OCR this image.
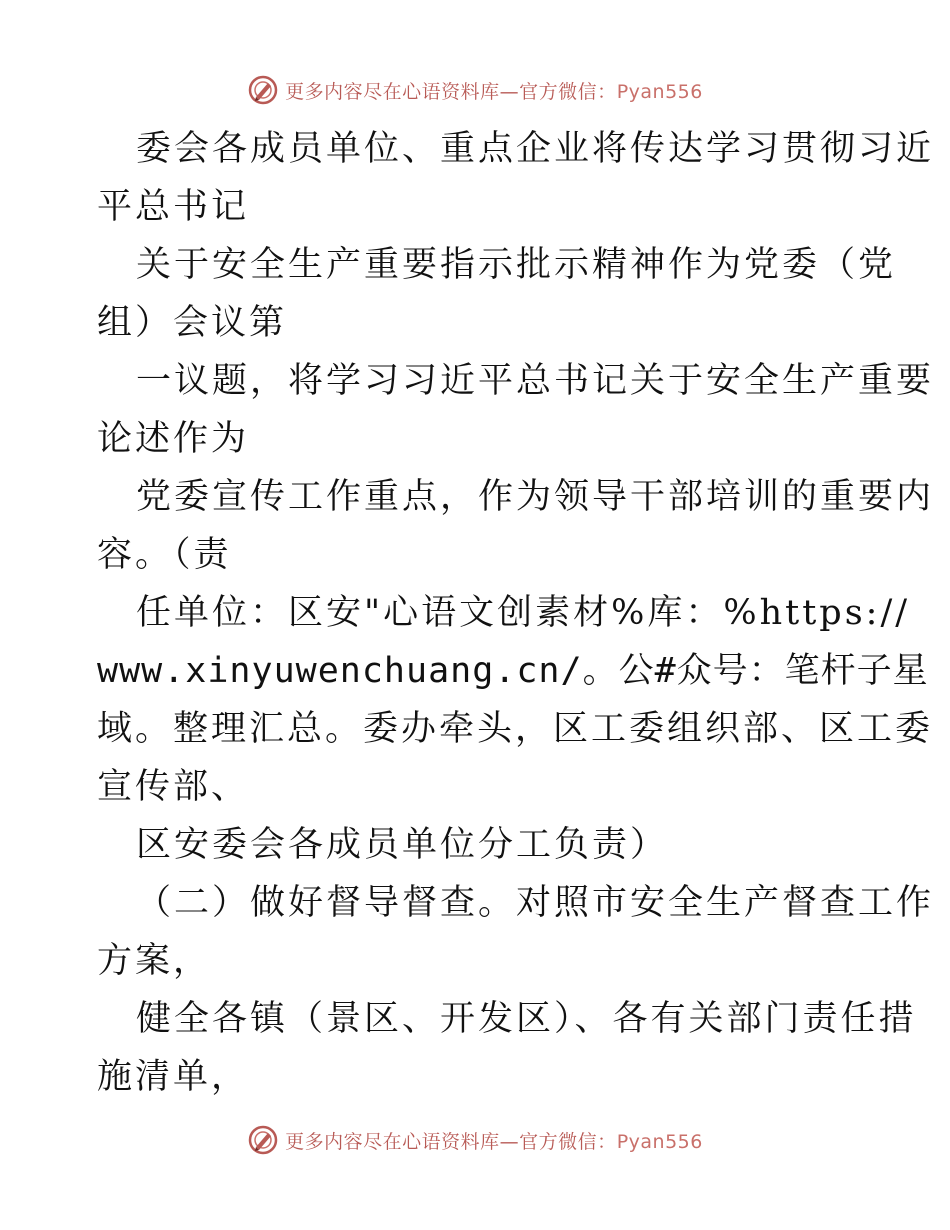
更多内容尽在心语资料库—官方微信：Pyan556
委会各成员单位、重点企业将传达学习贯彻习近
平总书记
关于安全生产重要指示批示精神作为党委（党
组）会议第
一议题，将学习习近平总书记关于安全生产重要
论述作为
党委宣传工作重点，作为领导干部培训的重要内
容。（责
任单位：区安"心语文创素材%库：%https://
www.xinyuwenchuang.cn/。公#众号：笔杆子星
域。整理汇总。委办牵头，区工委组织部、区工委
宣传部、
区安委会各成员单位分工负责）
（二）做好督导督查。对照市安全生产督查工作
方案，
健全各镇（景区、开发区）、各有关部门责任措
施清单，
更多内容尽在心语资料库—官方微信：Pyan556
